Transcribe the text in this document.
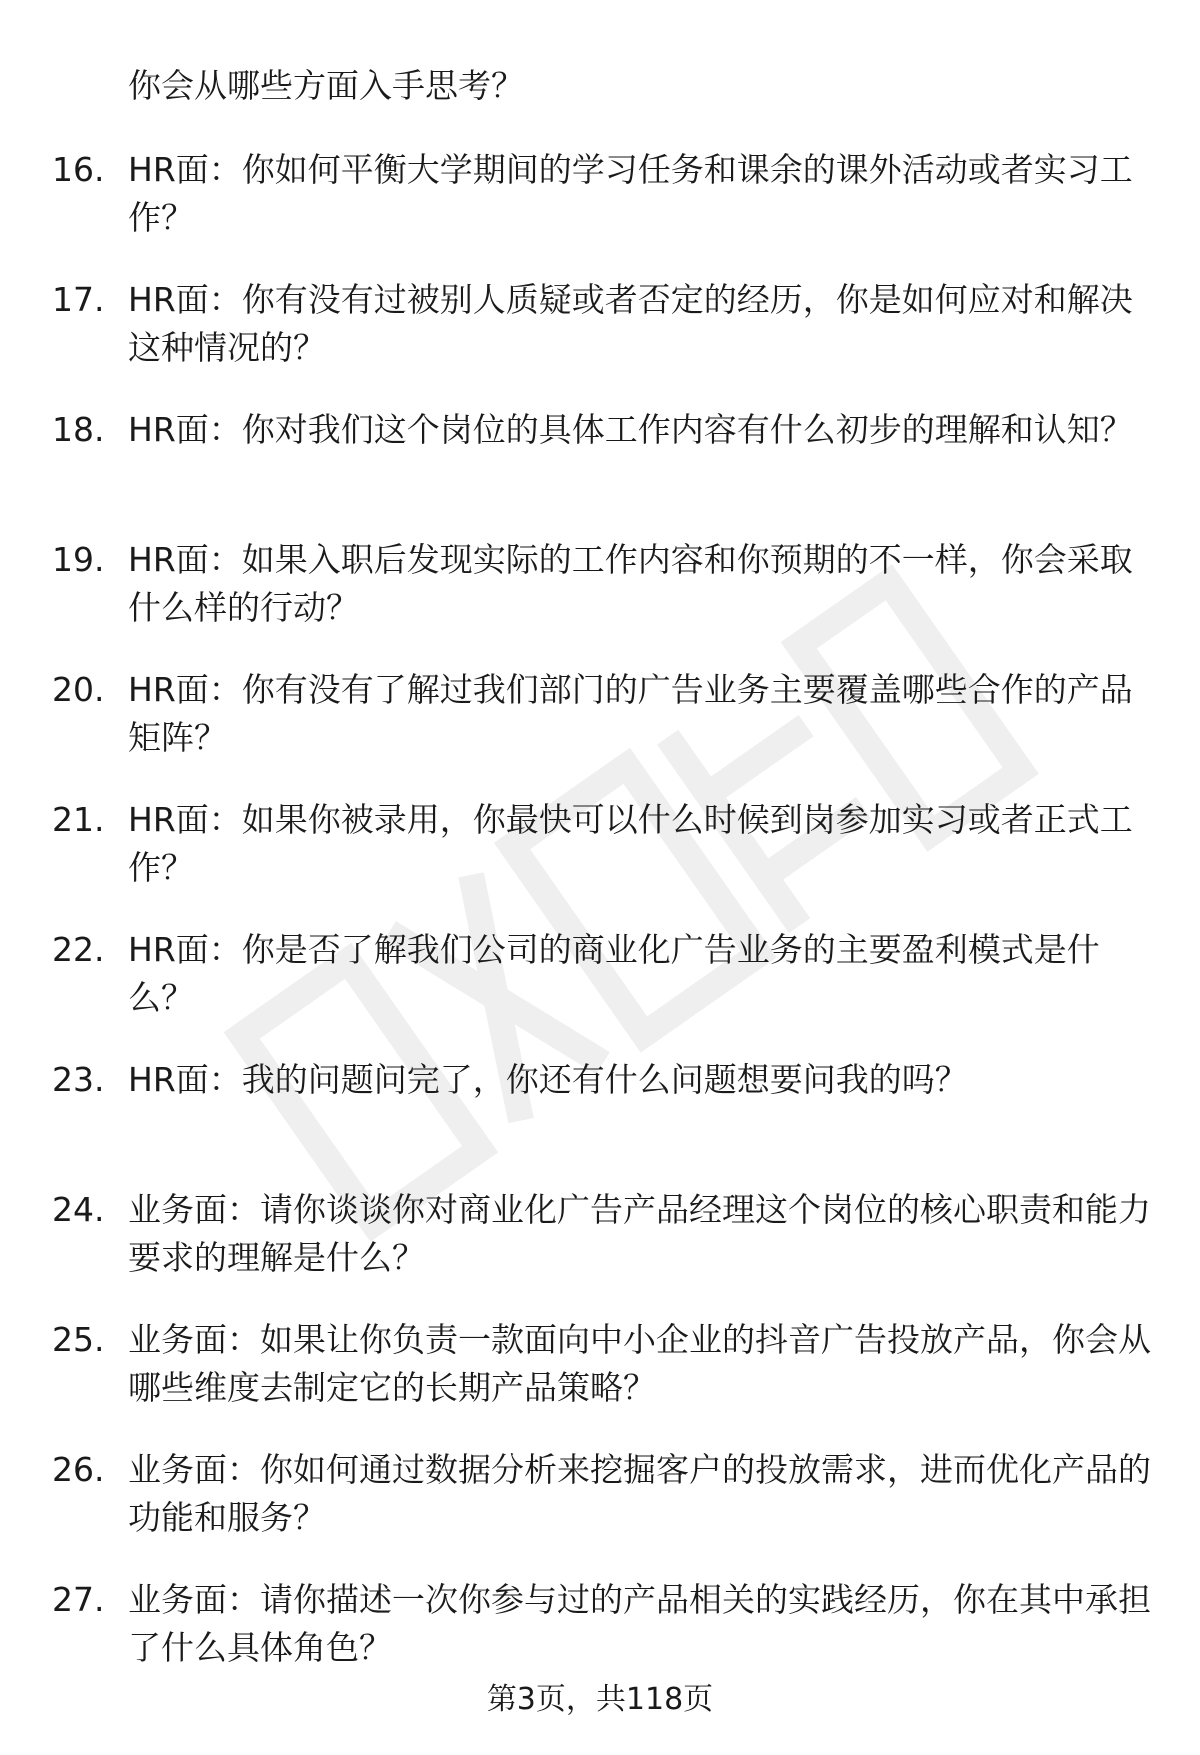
你会从哪些方面入手思考？
16. HR面：你如何平衡大学期间的学习任务和课余的课外活动或者实习工作？
17. HR面：你有没有过被别人质疑或者否定的经历，你是如何应对和解决这种情况的？
18. HR面：你对我们这个岗位的具体工作内容有什么初步的理解和认知？
19. HR面：如果入职后发现实际的工作内容和你预期的不一样，你会采取什么样的行动？
20. HR面：你有没有了解过我们部门的广告业务主要覆盖哪些合作的产品矩阵？
21. HR面：如果你被录用，你最快可以什么时候到岗参加实习或者正式工作？
22. HR面：你是否了解我们公司的商业化广告业务的主要盈利模式是什么？
23. HR面：我的问题问完了，你还有什么问题想要问我的吗？
24. 业务面：请你谈谈你对商业化广告产品经理这个岗位的核心职责和能力要求的理解是什么？
25. 业务面：如果让你负责一款面向中小企业的抖音广告投放产品，你会从哪些维度去制定它的长期产品策略？
26. 业务面：你如何通过数据分析来挖掘客户的投放需求，进而优化产品的功能和服务？
27. 业务面：请你描述一次你参与过的产品相关的实践经历，你在其中承担了什么具体角色？
第3页，共118页
